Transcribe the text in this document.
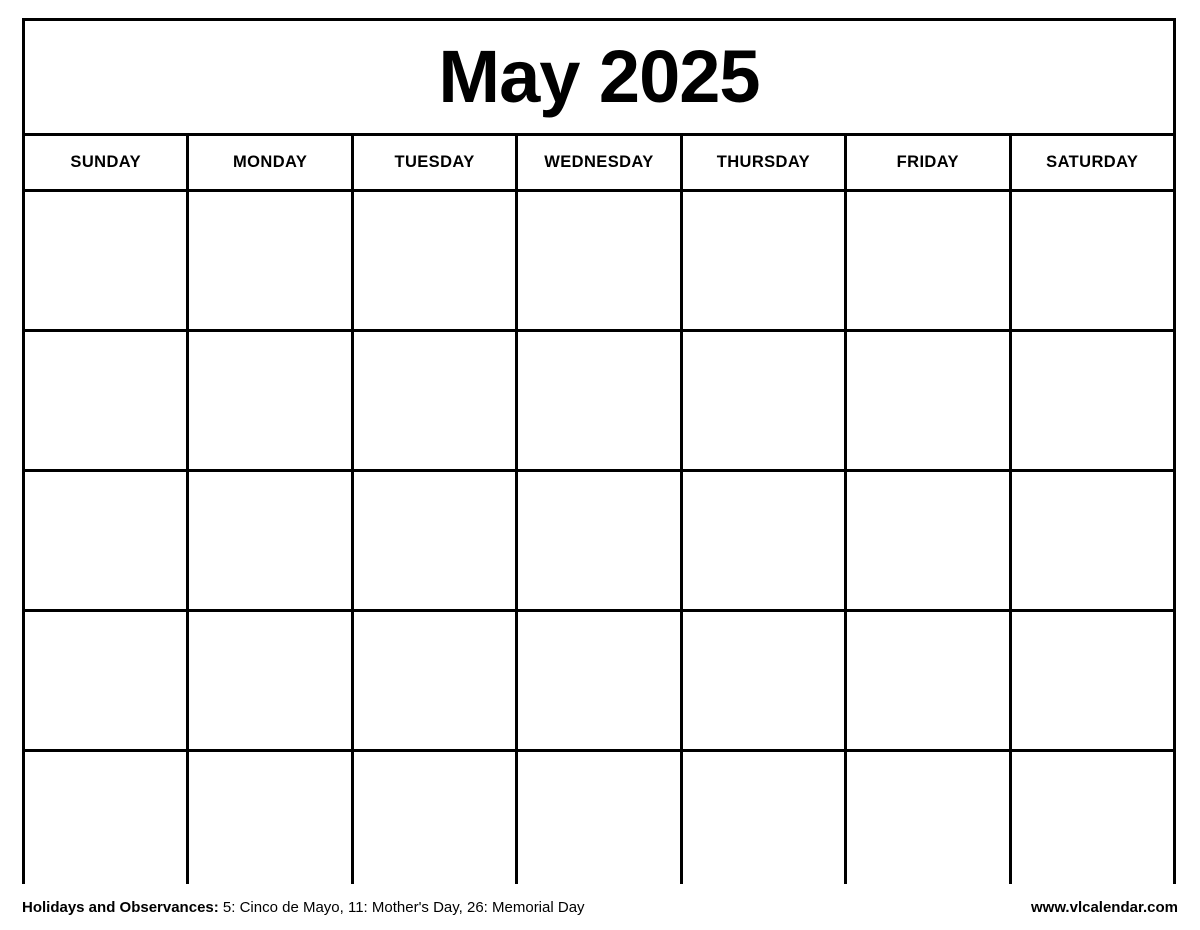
May 2025
SUNDAY	MONDAY	TUESDAY	WEDNESDAY	THURSDAY	FRIDAY	SATURDAY
Holidays and Observances: 5: Cinco de Mayo, 11: Mother's Day, 26: Memorial Day	www.vlcalendar.com
